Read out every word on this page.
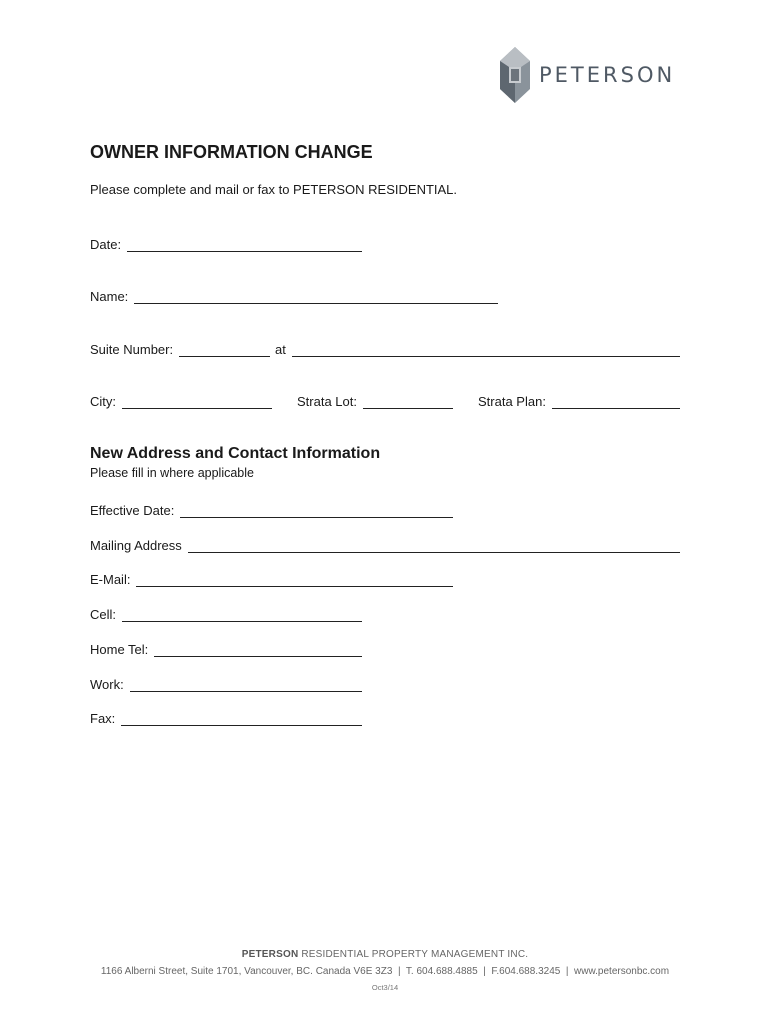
PETERSON
OWNER INFORMATION CHANGE
Please complete and mail or fax to PETERSON RESIDENTIAL.
Date:
Name:
Suite Number:	at
City:	Strata Lot:	Strata Plan:
New Address and Contact Information
Please fill in where applicable
Effective Date:
Mailing Address
E-Mail:
Cell:
Home Tel:
Work:
Fax:
PETERSON RESIDENTIAL PROPERTY MANAGEMENT INC.
1166 Alberni Street, Suite 1701, Vancouver, BC. Canada V6E 3Z3  |  T. 604.688.4885  |  F.604.688.3245  |  www.petersonbc.com
Oct3/14
